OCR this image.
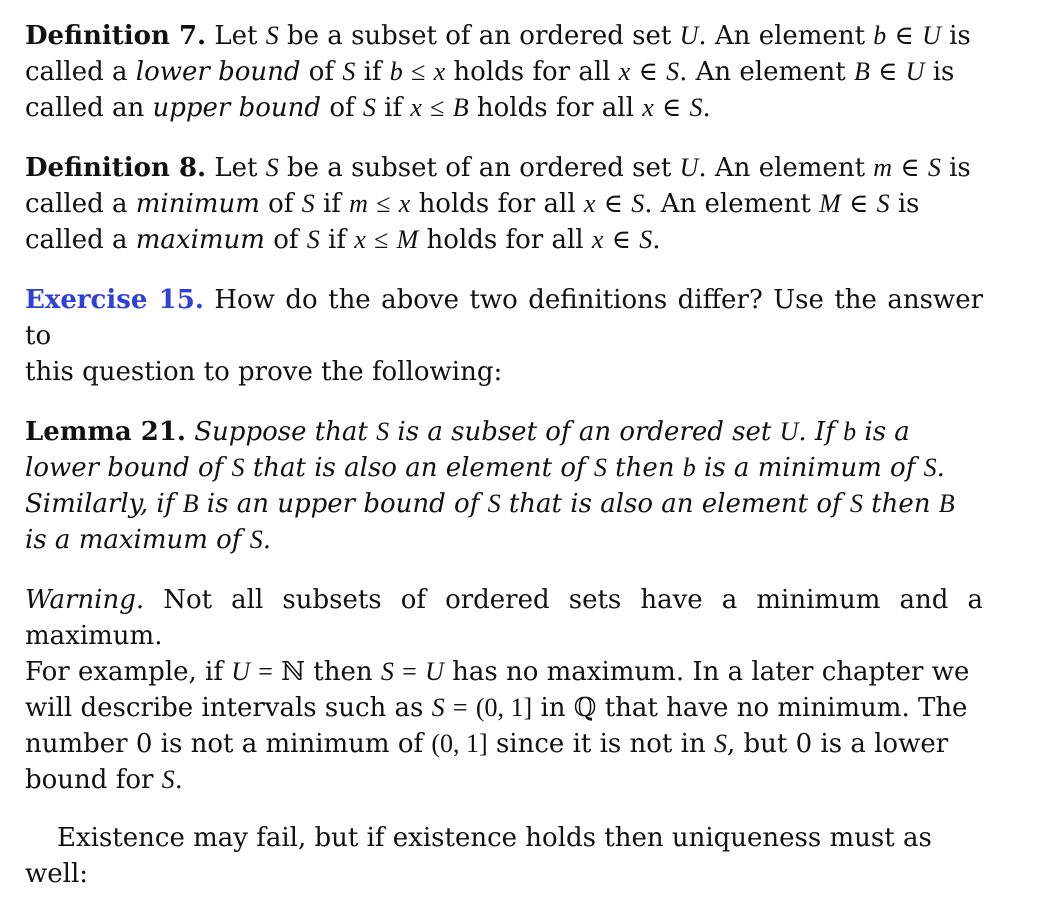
Definition 7. Let S be a subset of an ordered set U. An element b ∈ U is
called a lower bound of S if b ≤ x holds for all x ∈ S. An element B ∈ U is
called an upper bound of S if x ≤ B holds for all x ∈ S.
Definition 8. Let S be a subset of an ordered set U. An element m ∈ S is
called a minimum of S if m ≤ x holds for all x ∈ S. An element M ∈ S is
called a maximum of S if x ≤ M holds for all x ∈ S.
Exercise 15. How do the above two definitions differ? Use the answer to
this question to prove the following:
Lemma 21. Suppose that S is a subset of an ordered set U. If b is a
lower bound of S that is also an element of S then b is a minimum of S.
Similarly, if B is an upper bound of S that is also an element of S then B
is a maximum of S.
Warning. Not all subsets of ordered sets have a minimum and a maximum.
For example, if U = ℕ then S = U has no maximum. In a later chapter we
will describe intervals such as S = (0, 1] in ℚ that have no minimum. The
number 0 is not a minimum of (0, 1] since it is not in S, but 0 is a lower
bound for S.
Existence may fail, but if existence holds then uniqueness must as well:
